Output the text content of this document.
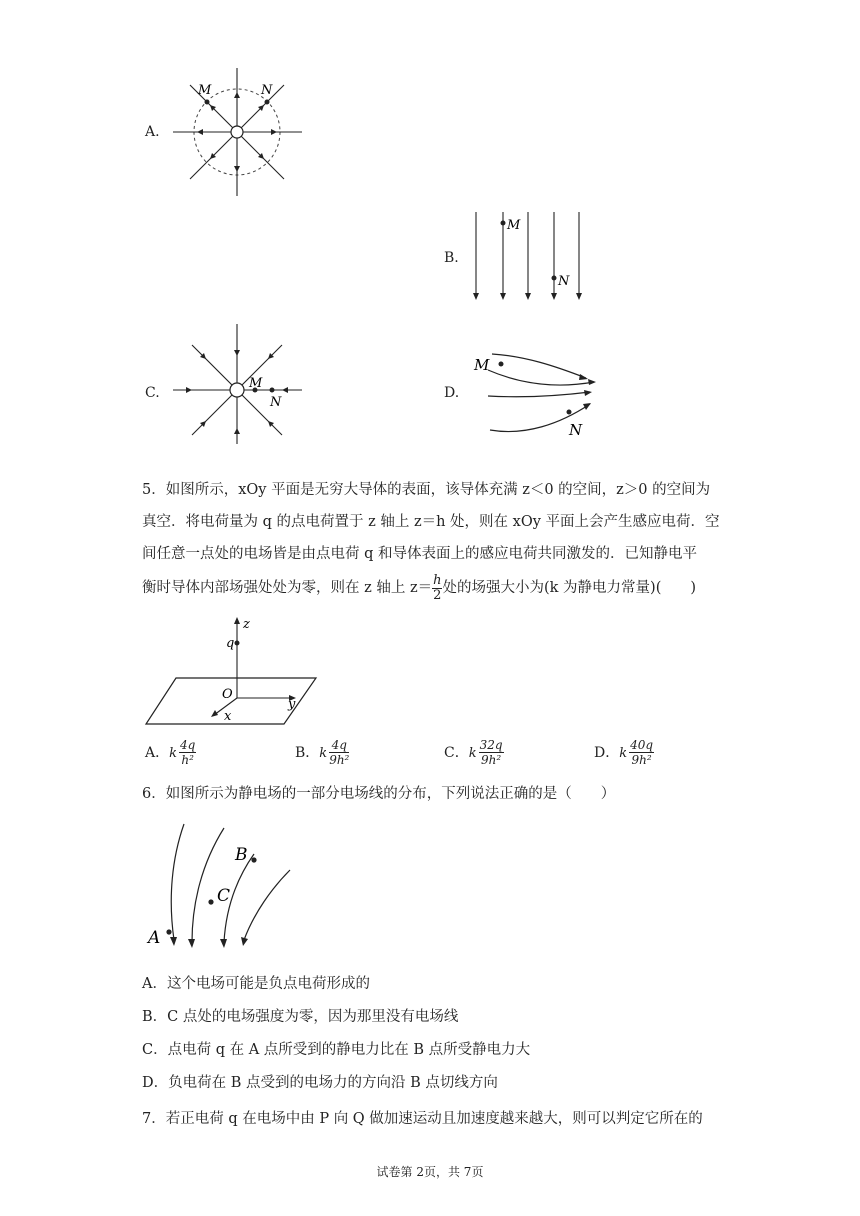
A.
M	N
B.
M
N
C.
M
N
D.
M
N
5．如图所示，xOy 平面是无穷大导体的表面，该导体充满 z＜0 的空间，z＞0 的空间为
真空．将电荷量为 q 的点电荷置于 z 轴上 z＝h 处，则在 xOy 平面上会产生感应电荷．空
间任意一点处的电场皆是由点电荷 q 和导体表面上的感应电荷共同激发的．已知静电平
衡时导体内部场强处处为零，则在 z 轴上 $z= \frac{h}{2}$ 处的场强大小为(k 为静电力常量)(　　)
z
q
O
x
y
A．k $\frac{4q}{\text{h²}}$	B．k $\frac{4q}{\text{9h²}}$	C．k $\frac{32q}{\text{9h²}}$	D．k $\frac{40q}{\text{9h²}}$
6．如图所示为静电场的一部分电场线的分布，下列说法正确的是（　　）
A
B
C
A．这个电场可能是负点电荷形成的
B．C 点处的电场强度为零，因为那里没有电场线
C．点电荷 q 在 A 点所受到的静电力比在 B 点所受静电力大
D．负电荷在 B 点受到的电场力的方向沿 B 点切线方向
7．若正电荷 q 在电场中由 P 向 Q 做加速运动且加速度越来越大，则可以判定它所在的
试卷第 2页，共 7页
